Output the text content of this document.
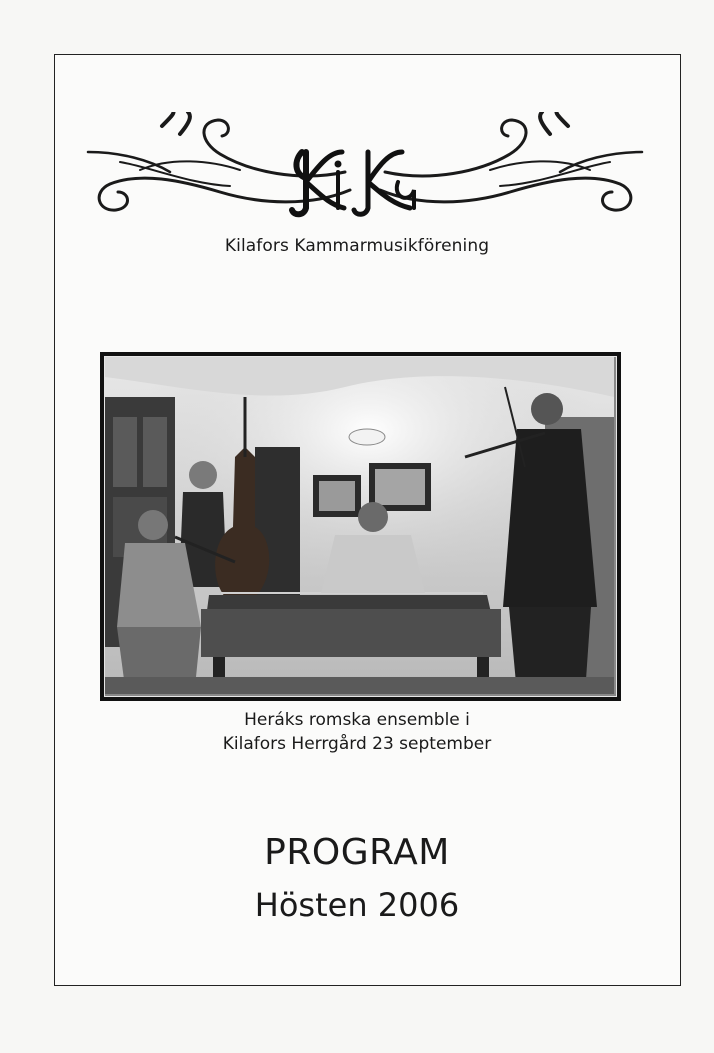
Kilafors Kammarmusikförening
Heráks romska ensemble i
Kilafors Herrgård 23 september
PROGRAM
Hösten 2006
